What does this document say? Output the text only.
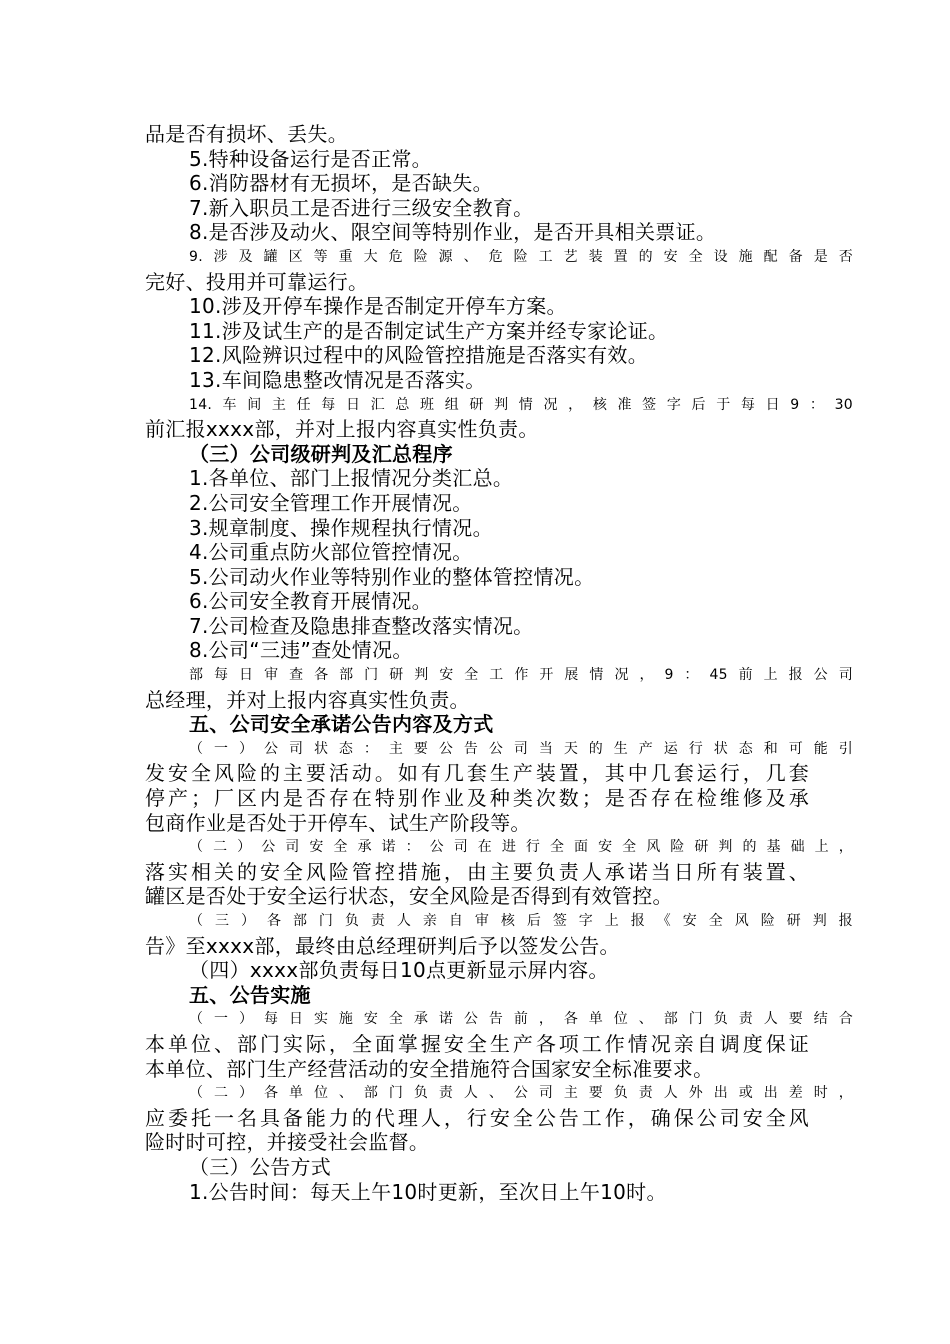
品是否有损坏、丢失。
5.特种设备运行是否正常。
6.消防器材有无损坏，是否缺失。
7.新入职员工是否进行三级安全教育。
8.是否涉及动火、限空间等特别作业，是否开具相关票证。
9.涉及罐区等重大危险源、危险工艺装置的安全设施配备是否
完好、投用并可靠运行。
10.涉及开停车操作是否制定开停车方案。
11.涉及试生产的是否制定试生产方案并经专家论证。
12.风险辨识过程中的风险管控措施是否落实有效。
13.车间隐患整改情况是否落实。
14.车间主任每日汇总班组研判情况，核准签字后于每日9：30
前汇报xxxx部，并对上报内容真实性负责。
（三）公司级研判及汇总程序
1.各单位、部门上报情况分类汇总。
2.公司安全管理工作开展情况。
3.规章制度、操作规程执行情况。
4.公司重点防火部位管控情况。
5.公司动火作业等特别作业的整体管控情况。
6.公司安全教育开展情况。
7.公司检查及隐患排查整改落实情况。
8.公司“三违”查处情况。
部每日审查各部门研判安全工作开展情况，9：45前上报公司
总经理，并对上报内容真实性负责。
五、公司安全承诺公告内容及方式
（一）公司状态：主要公告公司当天的生产运行状态和可能引
发安全风险的主要活动。如有几套生产装置，其中几套运行，几套
停产；厂区内是否存在特别作业及种类次数；是否存在检维修及承
包商作业是否处于开停车、试生产阶段等。
（二）公司安全承诺：公司在进行全面安全风险研判的基础上，
落实相关的安全风险管控措施，由主要负责人承诺当日所有装置、
罐区是否处于安全运行状态，安全风险是否得到有效管控。
（三）各部门负责人亲自审核后签字上报《安全风险研判报
告》至xxxx部，最终由总经理研判后予以签发公告。
（四）xxxx部负责每日10点更新显示屏内容。
五、公告实施
（一）每日实施安全承诺公告前，各单位、部门负责人要结合
本单位、部门实际，全面掌握安全生产各项工作情况亲自调度保证
本单位、部门生产经营活动的安全措施符合国家安全标准要求。
（二）各单位、部门负责人、公司主要负责人外出或出差时，
应委托一名具备能力的代理人，行安全公告工作，确保公司安全风
险时时可控，并接受社会监督。
（三）公告方式
1.公告时间：每天上午10时更新，至次日上午10时。
